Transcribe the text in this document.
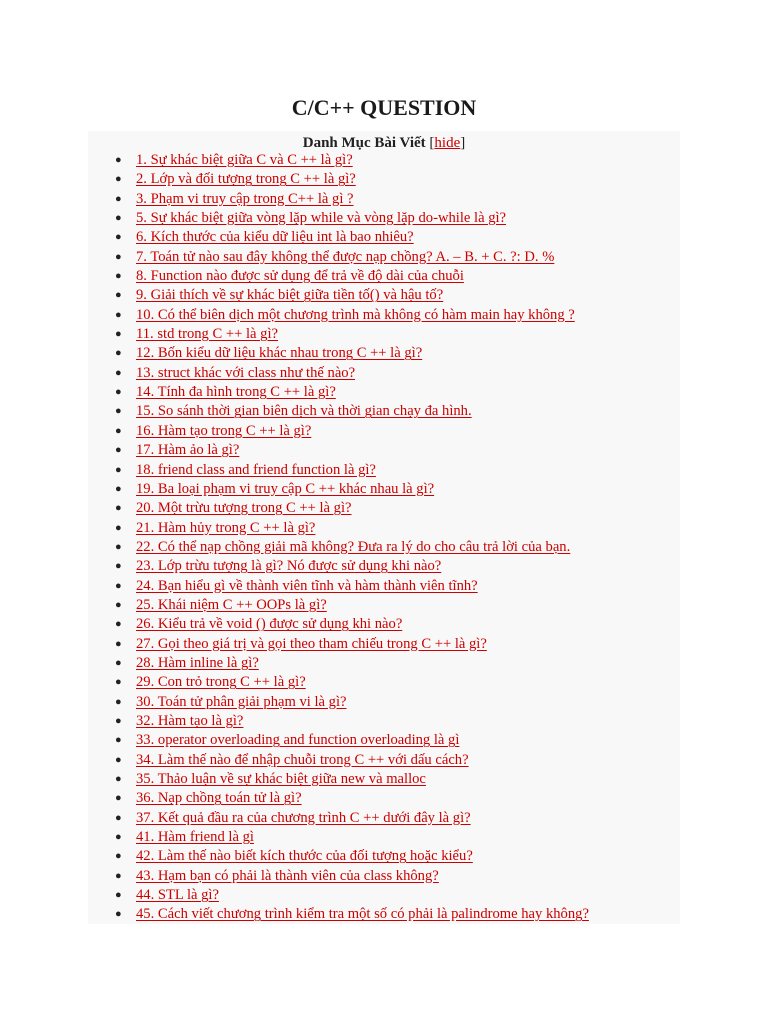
C/C++ QUESTION
Danh Mục Bài Viết [hide]
● 1. Sự khác biệt giữa C và C ++ là gì?
● 2. Lớp và đối tượng trong C ++ là gì?
● 3. Phạm vi truy cập trong C++ là gì ?
● 5. Sự khác biệt giữa vòng lặp while và vòng lặp do-while là gì?
● 6. Kích thước của kiểu dữ liệu int là bao nhiêu?
● 7. Toán tử nào sau đây không thể được nạp chồng? A. – B. + C. ?: D. %
● 8. Function nào được sử dụng để trả về độ dài của chuỗi
● 9. Giải thích về sự khác biệt giữa tiền tố() và hậu tố?
● 10. Có thể biên dịch một chương trình mà không có hàm main hay không ?
● 11. std trong C ++ là gì?
● 12. Bốn kiểu dữ liệu khác nhau trong C ++ là gì?
● 13. struct khác với class như thế nào?
● 14. Tính đa hình trong C ++ là gì?
● 15. So sánh thời gian biên dịch và thời gian chạy đa hình.
● 16. Hàm tạo trong C ++ là gì?
● 17. Hàm ảo là gì?
● 18. friend class and friend function là gì?
● 19. Ba loại phạm vi truy cập C ++ khác nhau là gì?
● 20. Một trừu tượng trong C ++ là gì?
● 21. Hàm hủy trong C ++ là gì?
● 22. Có thể nạp chồng giải mã không? Đưa ra lý do cho câu trả lời của bạn.
● 23. Lớp trừu tượng là gì? Nó được sử dụng khi nào?
● 24. Bạn hiểu gì về thành viên tĩnh và hàm thành viên tĩnh?
● 25. Khái niệm C ++ OOPs là gì?
● 26. Kiểu trả về void () được sử dụng khi nào?
● 27. Gọi theo giá trị và gọi theo tham chiếu trong C ++ là gì?
● 28. Hàm inline là gì?
● 29. Con trỏ trong C ++ là gì?
● 30. Toán tử phân giải phạm vi là gì?
● 32. Hàm tạo là gì?
● 33. operator overloading and function overloading là gì
● 34. Làm thế nào để nhập chuỗi trong C ++ với dấu cách?
● 35. Thảo luận về sự khác biệt giữa new và malloc
● 36. Nạp chồng toán tử là gì?
● 37. Kết quả đầu ra của chương trình C ++ dưới đây là gì?
● 41. Hàm friend là gì
● 42. Làm thế nào biết kích thước của đối tượng hoặc kiểu?
● 43. Hạm bạn có phải là thành viên của class không?
● 44. STL là gì?
● 45. Cách viết chương trình kiểm tra một số có phải là palindrome hay không?
